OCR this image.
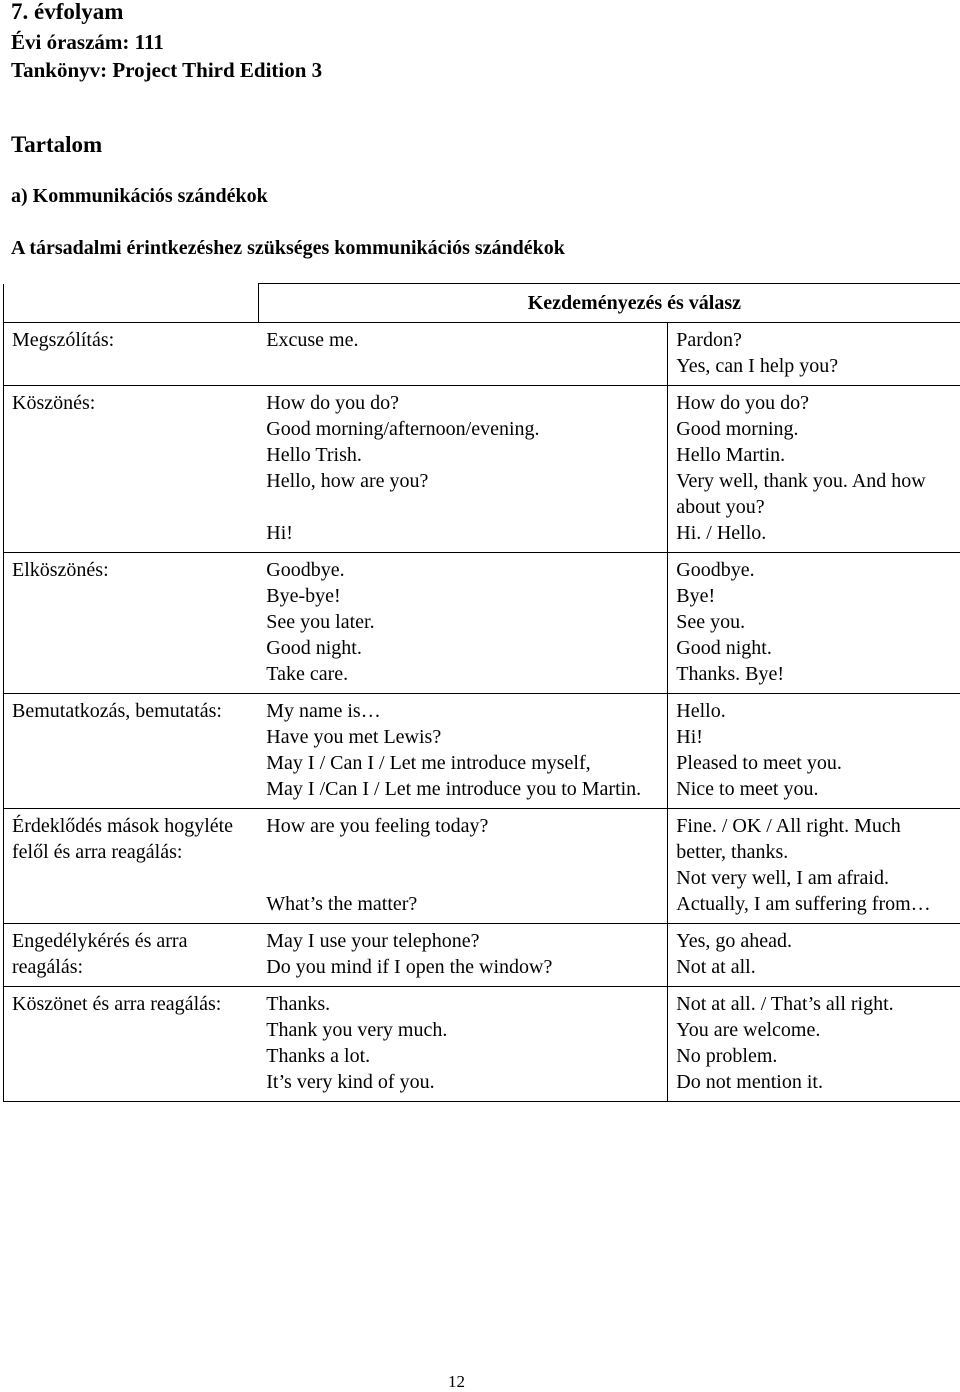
7. évfolyam
Évi óraszám: 111
Tankönyv: Project Third Edition 3
Tartalom
a) Kommunikációs szándékok
A társadalmi érintkezéshez szükséges kommunikációs szándékok
	Kezdeményezés és válasz	
Megszólítás:	Excuse me.	Pardon?
Yes, can I help you?

Köszönés:	How do you do?
Good morning/afternoon/evening.
Hello Trish.
Hello, how are you?
Hi!	How do you do?
Good morning.
Hello Martin.
Very well, thank you. And how about you?
Hi. / Hello.

Elköszönés:	Goodbye.
Bye-bye!
See you later.
Good night.
Take care.	Goodbye.
Bye!
See you.
Good night.
Thanks. Bye!

Bemutatkozás, bemutatás:	My name is…
Have you met Lewis?
May I / Can I / Let me introduce myself,
May I /Can I / Let me introduce you to Martin.	Hello.
Hi!
Pleased to meet you.
Nice to meet you.

Érdeklődés mások hogyléte felől és arra reagálás:	How are you feeling today?
What’s the matter?	Fine. / OK / All right. Much better, thanks.
Not very well, I am afraid.
Actually, I am suffering from…

Engedélykérés és arra reagálás:	May I use your telephone?
Do you mind if I open the window?	Yes, go ahead.
Not at all.

Köszönet és arra reagálás:	Thanks.
Thank you very much.
Thanks a lot.
It’s very kind of you.	Not at all. / That’s all right.
You are welcome.
No problem.
Do not mention it.
12
